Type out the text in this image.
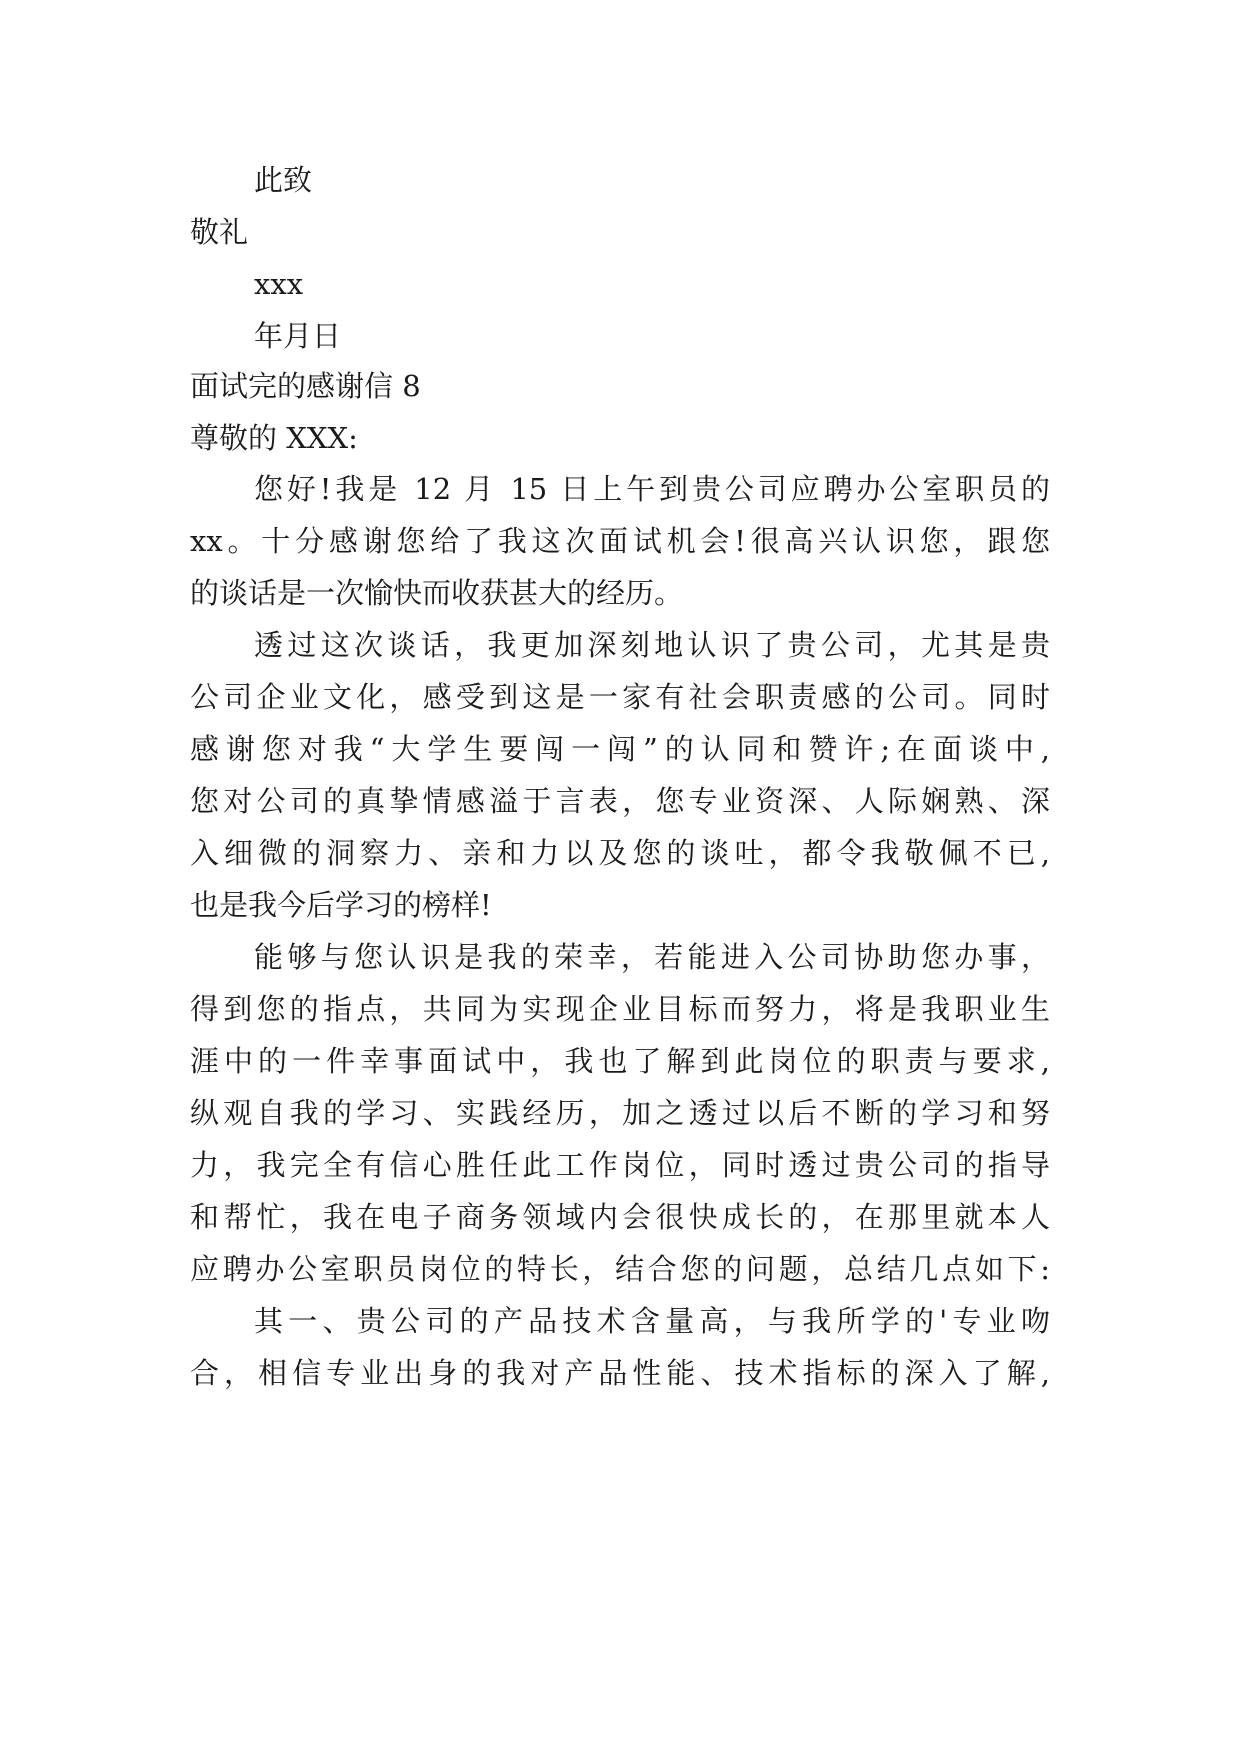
此致
敬礼
xxx
年月日
面试完的感谢信 8
尊敬的 XXX:
您好!我是 12 月 15 日上午到贵公司应聘办公室职员的
xx。十分感谢您给了我这次面试机会!很高兴认识您，跟您
的谈话是一次愉快而收获甚大的经历。
透过这次谈话，我更加深刻地认识了贵公司，尤其是贵
公司企业文化，感受到这是一家有社会职责感的公司。同时
感谢您对我“大学生要闯一闯”的认同和赞许;在面谈中,
您对公司的真挚情感溢于言表，您专业资深、人际娴熟、深
入细微的洞察力、亲和力以及您的谈吐，都令我敬佩不已,
也是我今后学习的榜样!
能够与您认识是我的荣幸，若能进入公司协助您办事，
得到您的指点，共同为实现企业目标而努力，将是我职业生
涯中的一件幸事面试中，我也了解到此岗位的职责与要求,
纵观自我的学习、实践经历，加之透过以后不断的学习和努
力，我完全有信心胜任此工作岗位，同时透过贵公司的指导
和帮忙，我在电子商务领域内会很快成长的，在那里就本人
应聘办公室职员岗位的特长，结合您的问题，总结几点如下:
其一、贵公司的产品技术含量高，与我所学的'专业吻
合，相信专业出身的我对产品性能、技术指标的深入了解,
